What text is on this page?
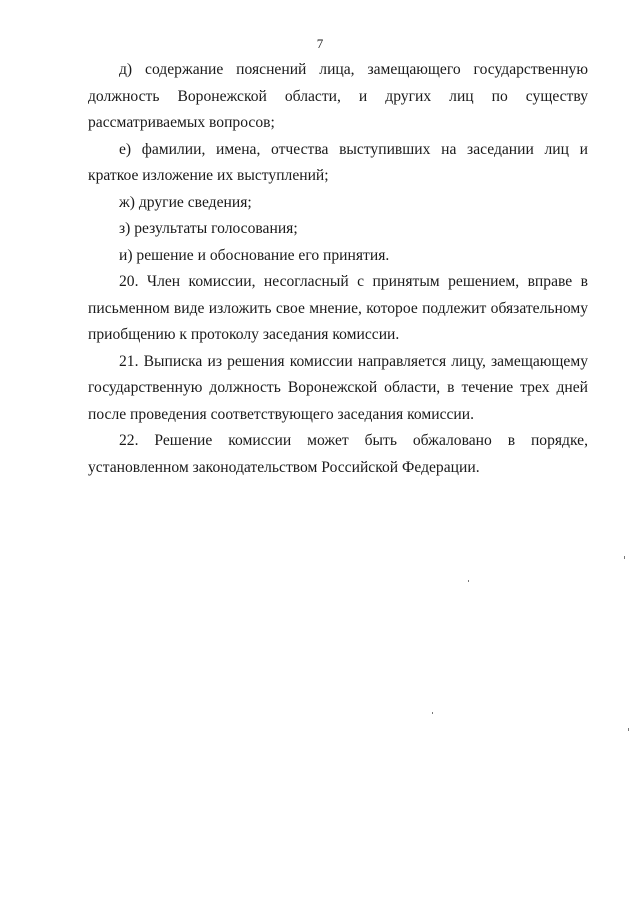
7

д) содержание пояснений лица, замещающего государственную должность Воронежской области, и других лиц по существу рассматриваемых вопросов;

е) фамилии, имена, отчества выступивших на заседании лиц и краткое изложение их выступлений;

ж) другие сведения;

з) результаты голосования;

и) решение и обоснование его принятия.

20. Член комиссии, несогласный с принятым решением, вправе в письменном виде изложить свое мнение, которое подлежит обязательному приобщению к протоколу заседания комиссии.

21. Выписка из решения комиссии направляется лицу, замещающему государственную должность Воронежской области, в течение трех дней после проведения соответствующего заседания комиссии.

22. Решение комиссии может быть обжаловано в порядке, установленном законодательством Российской Федерации.
